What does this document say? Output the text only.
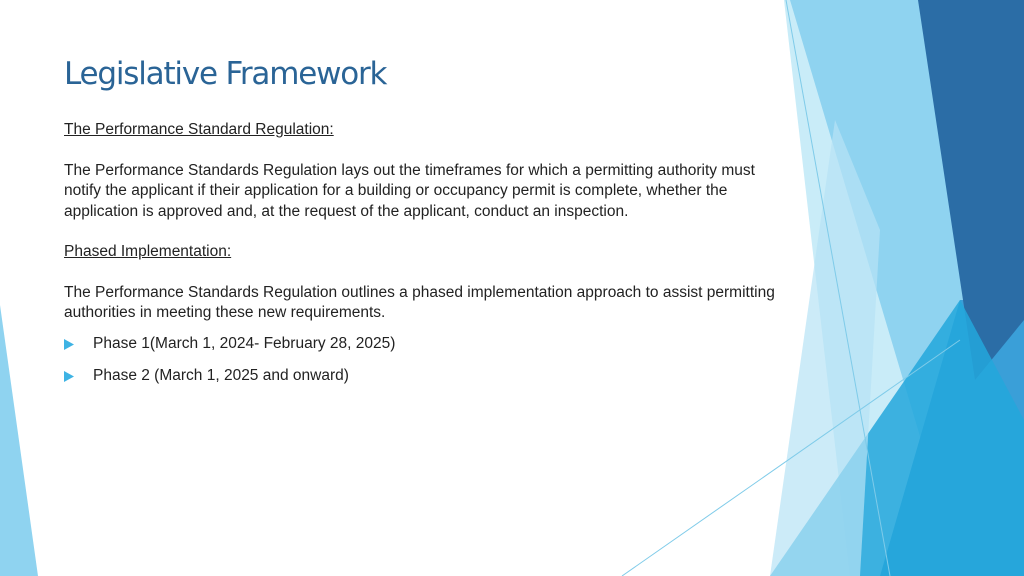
Legislative Framework

The Performance Standard Regulation:

The Performance Standards Regulation lays out the timeframes for which a permitting authority must notify the applicant if their application for a building or occupancy permit is complete, whether the application is approved and, at the request of the applicant, conduct an inspection.

Phased Implementation:

The Performance Standards Regulation outlines a phased implementation approach to assist permitting authorities in meeting these new requirements.

Phase 1(March 1, 2024- February 28, 2025)
Phase 2 (March 1, 2025 and onward)
